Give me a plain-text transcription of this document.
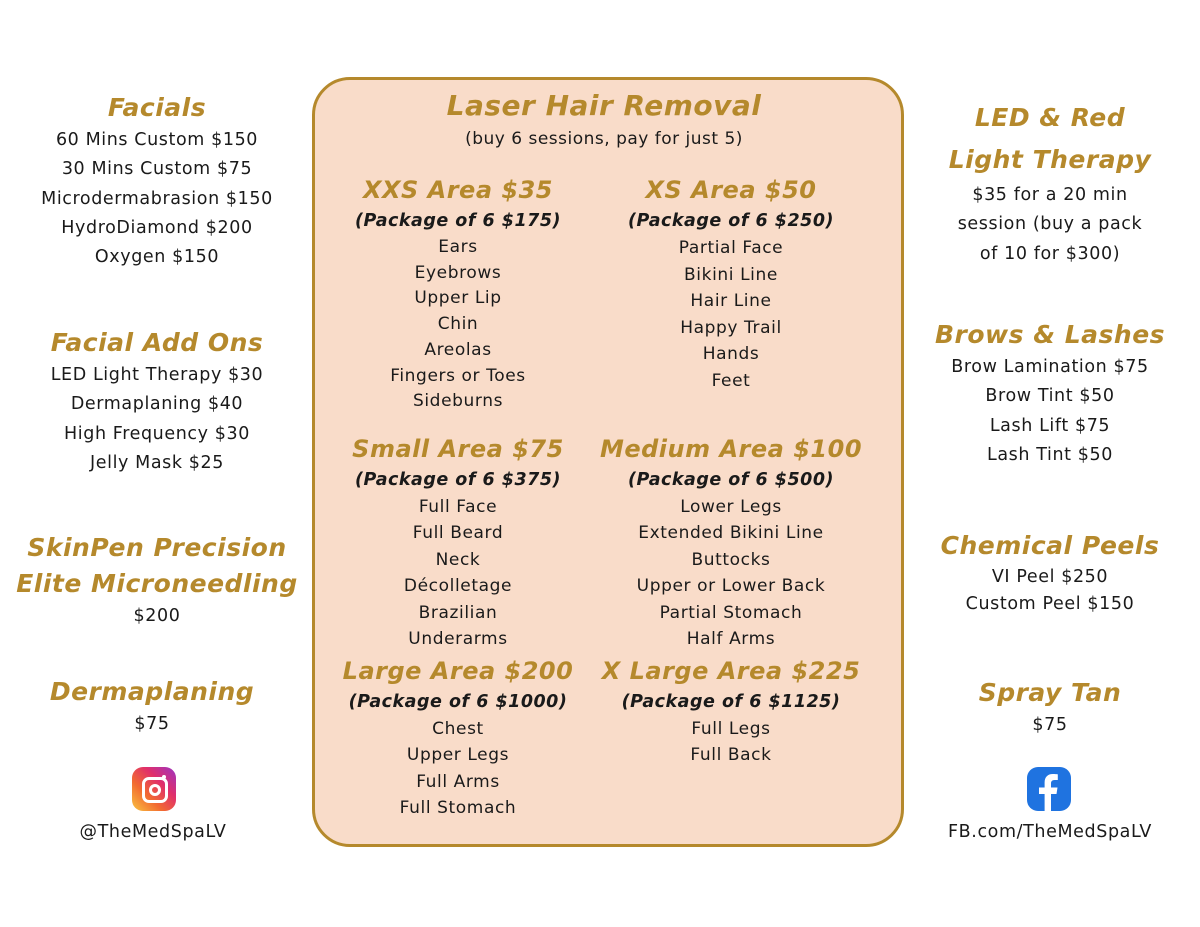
Facials

60 Mins Custom $150

30 Mins Custom $75

Microdermabrasion $150

HydroDiamond $200

Oxygen $150

Facial Add Ons

LED Light Therapy $30

Dermaplaning $40

High Frequency $30

Jelly Mask $25

SkinPen Precision

Elite Microneedling

$200

Dermaplaning

$75

@TheMedSpaLV

Laser Hair Removal

(buy 6 sessions, pay for just 5)

XXS Area $35

(Package of 6 $175)

Ears

Eyebrows

Upper Lip

Chin

Areolas

Fingers or Toes

Sideburns

XS Area $50

(Package of 6 $250)

Partial Face

Bikini Line

Hair Line

Happy Trail

Hands

Feet

Small Area $75

(Package of 6 $375)

Full Face

Full Beard

Neck

Décolletage

Brazilian

Underarms

Medium Area $100

(Package of 6 $500)

Lower Legs

Extended Bikini Line

Buttocks

Upper or Lower Back

Partial Stomach

Half Arms

Large Area $200

(Package of 6 $1000)

Chest

Upper Legs

Full Arms

Full Stomach

X Large Area $225

(Package of 6 $1125)

Full Legs

Full Back

LED & Red

Light Therapy

$35 for a 20 min

session (buy a pack

of 10 for $300)

Brows & Lashes

Brow Lamination $75

Brow Tint $50

Lash Lift $75

Lash Tint $50

Chemical Peels

VI Peel $250

Custom Peel $150

Spray Tan

$75

FB.com/TheMedSpaLV
